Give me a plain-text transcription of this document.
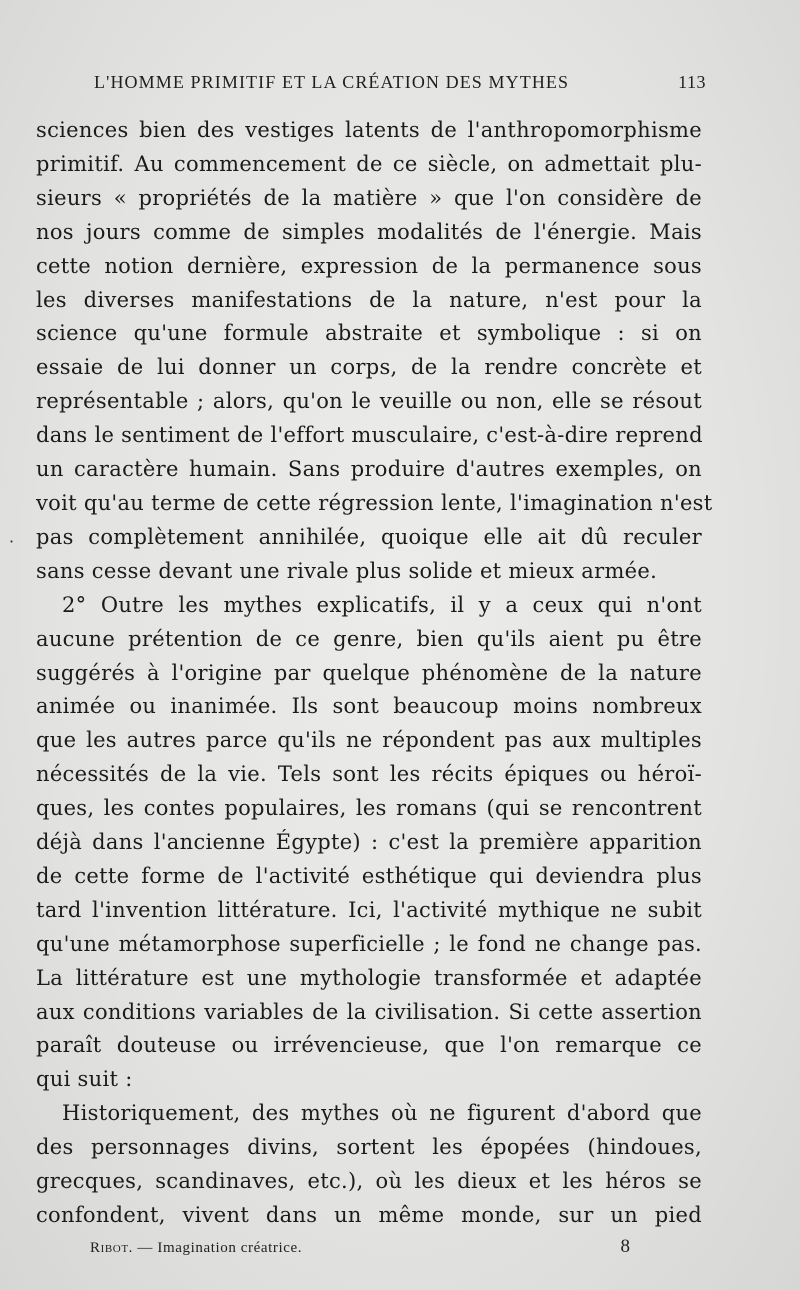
L'HOMME PRIMITIF ET LA CRÉATION DES MYTHES	113
·
sciences bien des vestiges latents de l'anthropomorphisme
primitif. Au commencement de ce siècle, on admettait plu-
sieurs « propriétés de la matière » que l'on considère de
nos jours comme de simples modalités de l'énergie. Mais
cette notion dernière, expression de la permanence sous
les diverses manifestations de la nature, n'est pour la
science qu'une formule abstraite et symbolique : si on
essaie de lui donner un corps, de la rendre concrète et
représentable ; alors, qu'on le veuille ou non, elle se résout
dans le sentiment de l'effort musculaire, c'est-à-dire reprend
un caractère humain. Sans produire d'autres exemples, on
voit qu'au terme de cette régression lente, l'imagination n'est
pas complètement annihilée, quoique elle ait dû reculer
sans cesse devant une rivale plus solide et mieux armée.
2° Outre les mythes explicatifs, il y a ceux qui n'ont
aucune prétention de ce genre, bien qu'ils aient pu être
suggérés à l'origine par quelque phénomène de la nature
animée ou inanimée. Ils sont beaucoup moins nombreux
que les autres parce qu'ils ne répondent pas aux multiples
nécessités de la vie. Tels sont les récits épiques ou héroï-
ques, les contes populaires, les romans (qui se rencontrent
déjà dans l'ancienne Égypte) : c'est la première apparition
de cette forme de l'activité esthétique qui deviendra plus
tard l'invention littérature. Ici, l'activité mythique ne subit
qu'une métamorphose superficielle ; le fond ne change pas.
La littérature est une mythologie transformée et adaptée
aux conditions variables de la civilisation. Si cette assertion
paraît douteuse ou irrévencieuse, que l'on remarque ce
qui suit :
Historiquement, des mythes où ne figurent d'abord que
des personnages divins, sortent les épopées (hindoues,
grecques, scandinaves, etc.), où les dieux et les héros se
confondent, vivent dans un même monde, sur un pied
Ribot. — Imagination créatrice.	8
